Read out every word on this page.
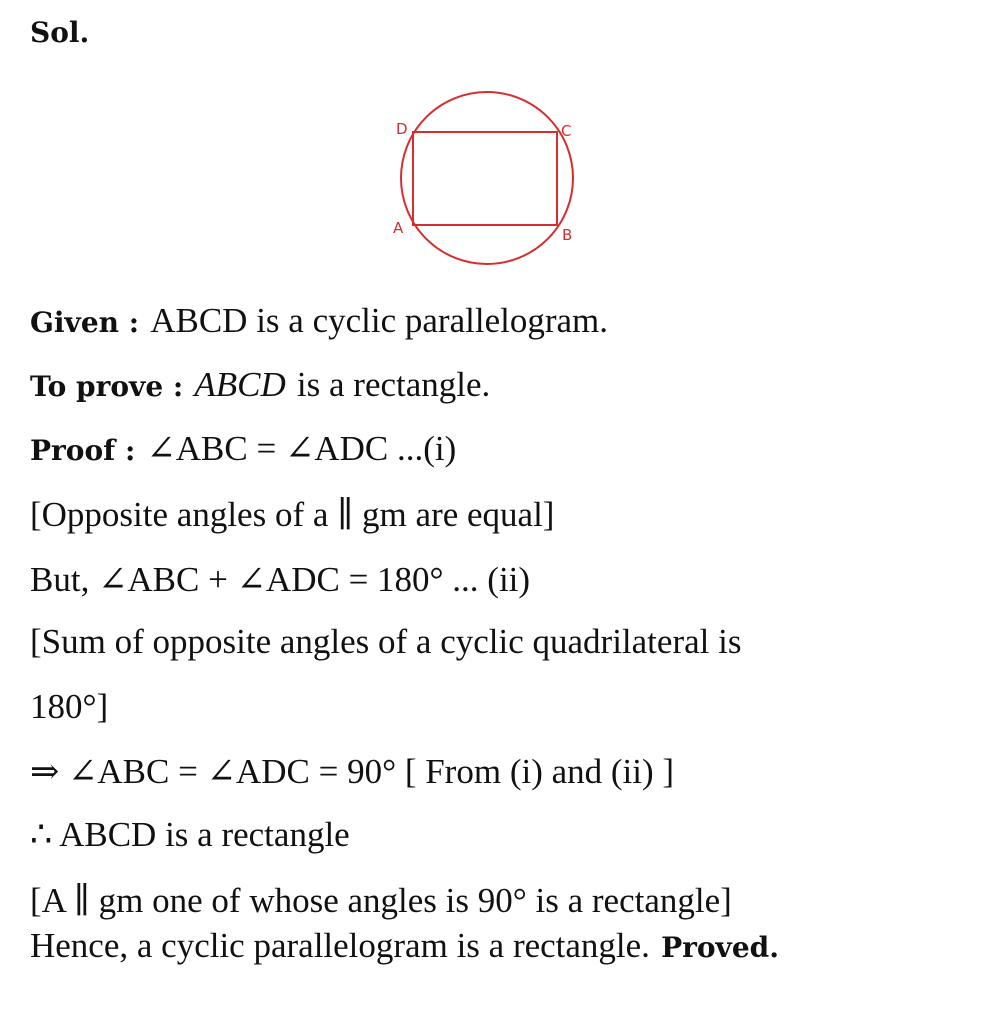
Sol.
D	C
A	B
Given : ABCD is a cyclic parallelogram.
To prove : ABCD is a rectangle.
Proof : ∠ABC = ∠ADC ...(i)
[Opposite angles of a ∥ gm are equal]
But, ∠ABC + ∠ADC = 180° ... (ii)
[Sum of opposite angles of a cyclic quadrilateral is
180°]
⇒ ∠ABC = ∠ADC = 90° [ From (i) and (ii) ]
∴ ABCD is a rectangle
[A ∥ gm one of whose angles is 90° is a rectangle]
Hence, a cyclic parallelogram is a rectangle. Proved.
